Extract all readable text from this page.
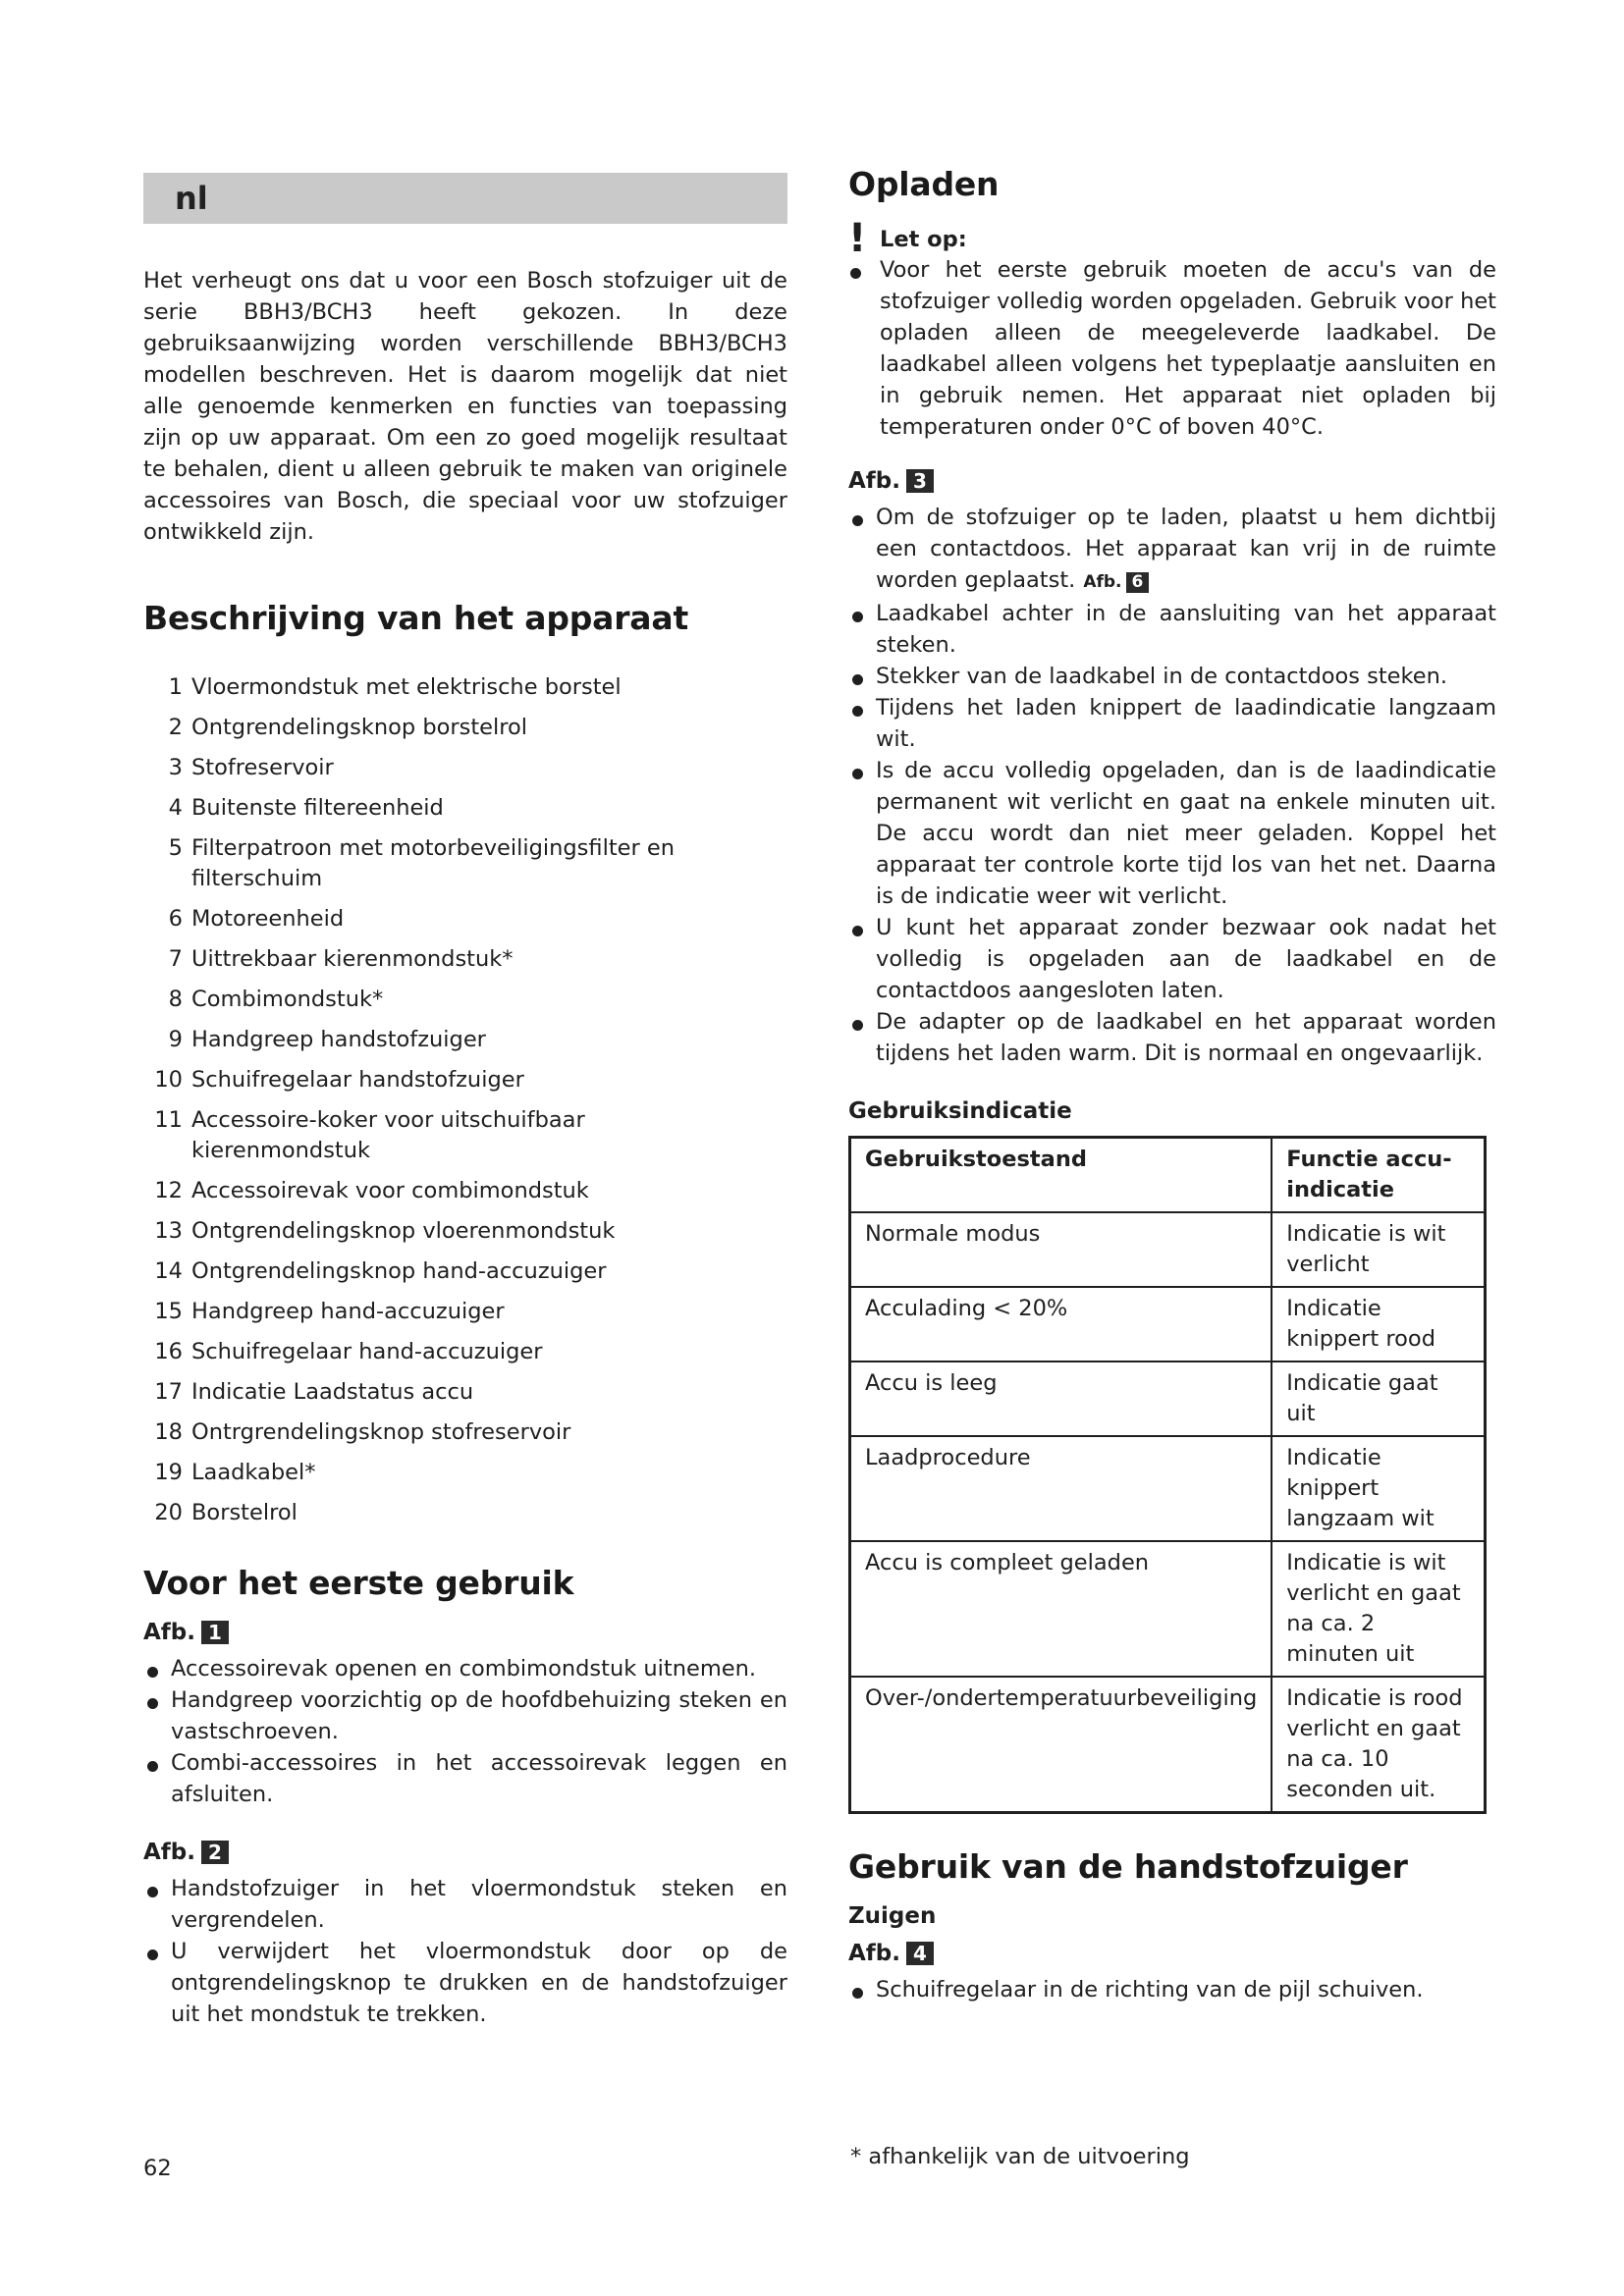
nl

Het verheugt ons dat u voor een Bosch stofzuiger uit de serie BBH3/BCH3 heeft gekozen. In deze gebruiksaanwijzing worden verschillende BBH3/BCH3 modellen beschreven. Het is daarom mogelijk dat niet alle genoemde kenmerken en functies van toepassing zijn op uw apparaat. Om een zo goed mogelijk resultaat te behalen, dient u alleen gebruik te maken van originele accessoires van Bosch, die speciaal voor uw stofzuiger ontwikkeld zijn.

Beschrijving van het apparaat
1 Vloermondstuk met elektrische borstel
2 Ontgrendelingsknop borstelrol
3 Stofreservoir
4 Buitenste filtereenheid
5 Filterpatroon met motorbeveiligingsfilter en filterschuim
6 Motoreenheid
7 Uittrekbaar kierenmondstuk*
8 Combimondstuk*
9 Handgreep handstofzuiger
10 Schuifregelaar handstofzuiger
11 Accessoire-koker voor uitschuifbaar kierenmondstuk
12 Accessoirevak voor combimondstuk
13 Ontgrendelingsknop vloerenmondstuk
14 Ontgrendelingsknop hand-accuzuiger
15 Handgreep hand-accuzuiger
16 Schuifregelaar hand-accuzuiger
17 Indicatie Laadstatus accu
18 Ontrgrendelingsknop stofreservoir
19 Laadkabel*
20 Borstelrol
Voor het eerste gebruik
Afb. 1
Accessoirevak openen en combimondstuk uitnemen.
Handgreep voorzichtig op de hoofdbehuizing steken en vastschroeven.
Combi-accessoires in het accessoirevak leggen en afsluiten.
Afb. 2
Handstofzuiger in het vloermondstuk steken en vergrendelen.
U verwijdert het vloermondstuk door op de ontgrendelingsknop te drukken en de handstofzuiger uit het mondstuk te trekken.
Opladen
! Let op:

Voor het eerste gebruik moeten de accu's van de stofzuiger volledig worden opgeladen. Gebruik voor het opladen alleen de meegeleverde laadkabel. De laadkabel alleen volgens het typeplaatje aansluiten en in gebruik nemen. Het apparaat niet opladen bij temperaturen onder 0°C of boven 40°C.

Afb. 3
Om de stofzuiger op te laden, plaatst u hem dichtbij een contactdoos. Het apparaat kan vrij in de ruimte worden geplaatst. Afb. 6
Laadkabel achter in de aansluiting van het apparaat steken.
Stekker van de laadkabel in de contactdoos steken.
Tijdens het laden knippert de laadindicatie langzaam wit.
Is de accu volledig opgeladen, dan is de laadindicatie permanent wit verlicht en gaat na enkele minuten uit. De accu wordt dan niet meer geladen. Koppel het apparaat ter controle korte tijd los van het net. Daarna is de indicatie weer wit verlicht.
U kunt het apparaat zonder bezwaar ook nadat het volledig is opgeladen aan de laadkabel en de contactdoos aangesloten laten.
De adapter op de laadkabel en het apparaat worden tijdens het laden warm. Dit is normaal en ongevaarlijk.
Gebruiksindicatie
Gebruikstoestand	Functie accu-indicatie
Normale modus	Indicatie is wit verlicht
Acculading < 20%	Indicatie knippert rood
Accu is leeg	Indicatie gaat uit
Laadprocedure	Indicatie knippert langzaam wit
Accu is compleet geladen	Indicatie is wit verlicht en gaat na ca. 2 minuten uit
Over-/ondertemperatuurbeveiliging	Indicatie is rood verlicht en gaat na ca. 10 seconden uit.
Gebruik van de handstofzuiger
Zuigen
Afb. 4
Schuifregelaar in de richting van de pijl schuiven.
62	* afhankelijk van de uitvoering
